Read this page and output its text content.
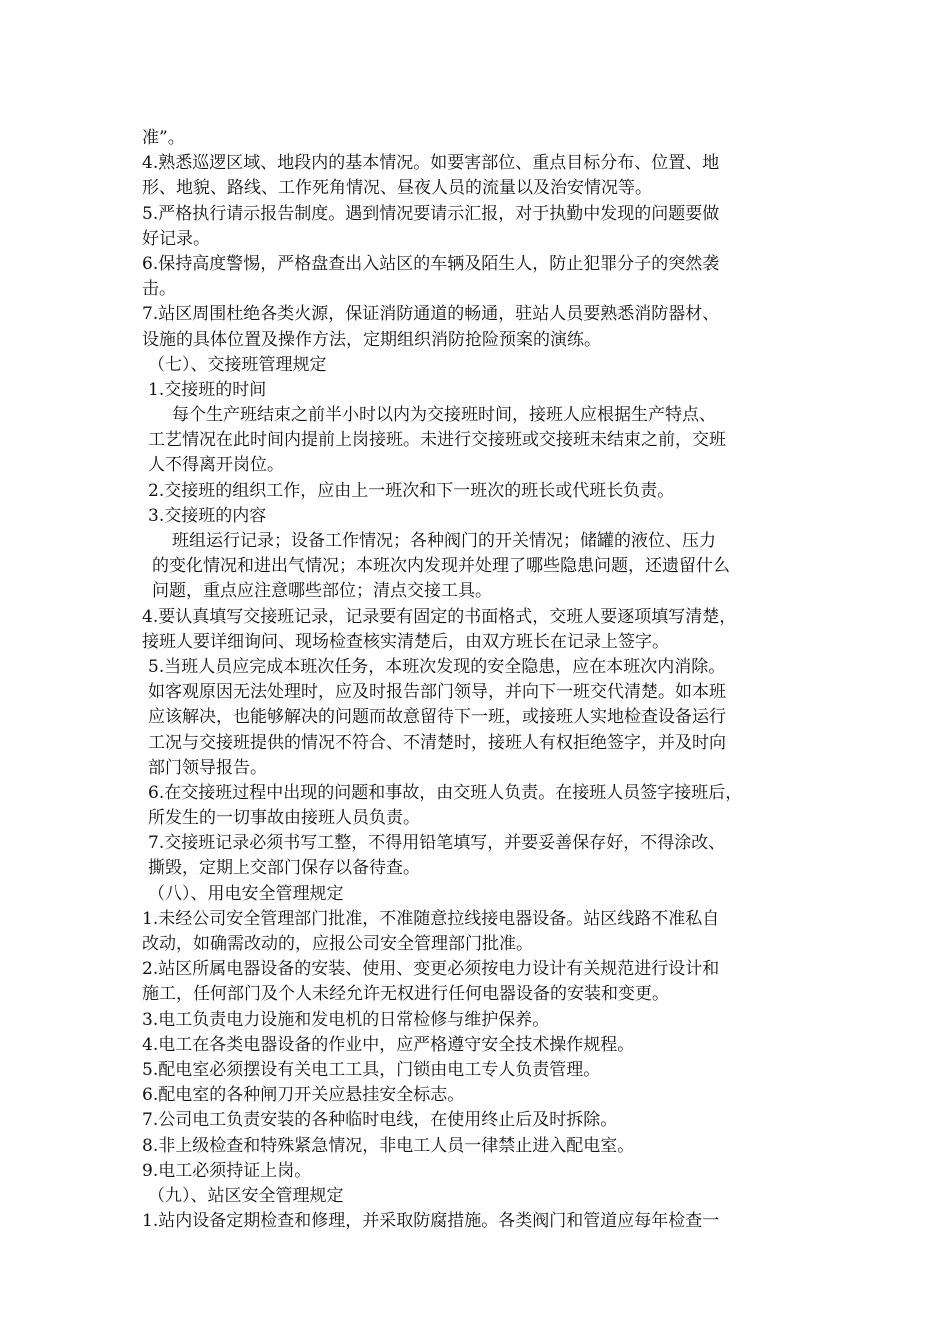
准”。
4.熟悉巡逻区域、地段内的基本情况。如要害部位、重点目标分布、位置、地
形、地貌、路线、工作死角情况、昼夜人员的流量以及治安情况等。
5.严格执行请示报告制度。遇到情况要请示汇报，对于执勤中发现的问题要做
好记录。
6.保持高度警惕，严格盘查出入站区的车辆及陌生人，防止犯罪分子的突然袭
击。
7.站区周围杜绝各类火源，保证消防通道的畅通，驻站人员要熟悉消防器材、
设施的具体位置及操作方法，定期组织消防抢险预案的演练。
（七）、交接班管理规定
1.交接班的时间
每个生产班结束之前半小时以内为交接班时间，接班人应根据生产特点、
工艺情况在此时间内提前上岗接班。未进行交接班或交接班未结束之前，交班
人不得离开岗位。
2.交接班的组织工作，应由上一班次和下一班次的班长或代班长负责。
3.交接班的内容
班组运行记录；设备工作情况；各种阀门的开关情况；储罐的液位、压力
的变化情况和进出气情况；本班次内发现并处理了哪些隐患问题，还遗留什么
问题，重点应注意哪些部位；清点交接工具。
4.要认真填写交接班记录，记录要有固定的书面格式，交班人要逐项填写清楚，
接班人要详细询问、现场检查核实清楚后，由双方班长在记录上签字。
5.当班人员应完成本班次任务，本班次发现的安全隐患，应在本班次内消除。
如客观原因无法处理时，应及时报告部门领导，并向下一班交代清楚。如本班
应该解决，也能够解决的问题而故意留待下一班，或接班人实地检查设备运行
工况与交接班提供的情况不符合、不清楚时，接班人有权拒绝签字，并及时向
部门领导报告。
6.在交接班过程中出现的问题和事故，由交班人负责。在接班人员签字接班后，
所发生的一切事故由接班人员负责。
7.交接班记录必须书写工整，不得用铅笔填写，并要妥善保存好，不得涂改、
撕毁，定期上交部门保存以备待查。
（八）、用电安全管理规定
1.未经公司安全管理部门批准，不准随意拉线接电器设备。站区线路不准私自
改动，如确需改动的，应报公司安全管理部门批准。
2.站区所属电器设备的安装、使用、变更必须按电力设计有关规范进行设计和
施工，任何部门及个人未经允许无权进行任何电器设备的安装和变更。
3.电工负责电力设施和发电机的日常检修与维护保养。
4.电工在各类电器设备的作业中，应严格遵守安全技术操作规程。
5.配电室必须摆设有关电工工具，门锁由电工专人负责管理。
6.配电室的各种闸刀开关应悬挂安全标志。
7.公司电工负责安装的各种临时电线，在使用终止后及时拆除。
8.非上级检查和特殊紧急情况，非电工人员一律禁止进入配电室。
9.电工必须持证上岗。
（九）、站区安全管理规定
1.站内设备定期检查和修理，并采取防腐措施。各类阀门和管道应每年检查一
